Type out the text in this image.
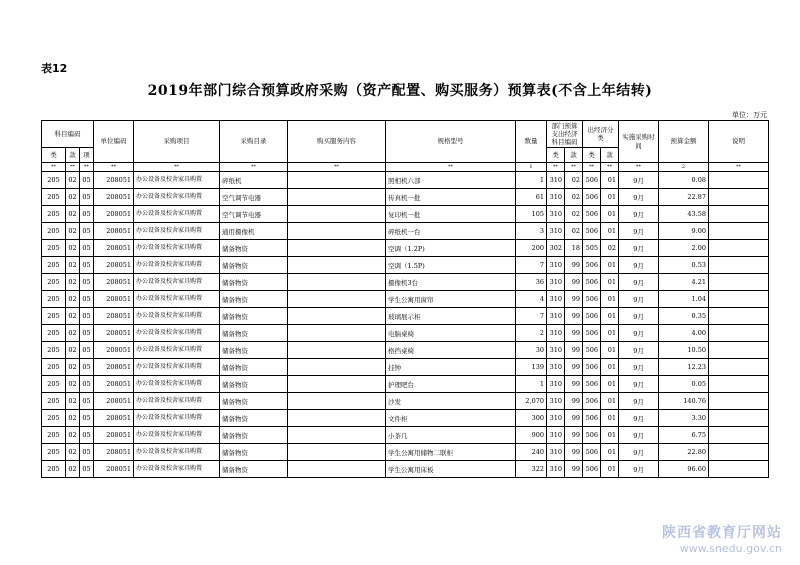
表12
2019年部门综合预算政府采购（资产配置、购买服务）预算表(不含上年结转)
单位：万元
科目编码			单位编码	采购项目	采购目录	购买服务内容	规格型号	数量	部门预算支出经济科目编码		出经济分类		实施采购时间	预算金额	说明
类	款	项							类	款	类	款			
**	**	**	**	**	**	**	**	1	**	**	**	**	**	2	**
205	02	05	208051	办公设备及校舍家具购置	碎纸机		照相机六部	1	310	02	506	01	9月	0.08	
205	02	05	208051	办公设备及校舍家具购置	空气调节电器		传真机一批	61	310	02	506	01	9月	22.87	
205	02	05	208051	办公设备及校舍家具购置	空气调节电器		复印机一批	105	310	02	506	01	9月	43.58	
205	02	05	208051	办公设备及校舍家具购置	通用摄像机		碎纸机一台	3	310	02	506	01	9月	9.00	
205	02	05	208051	办公设备及校舍家具购置	储备物资		空调（1.2P)	200	302	18	505	02	9月	2.00	
205	02	05	208051	办公设备及校舍家具购置	储备物资		空调（1.5P)	7	310	99	506	01	9月	0.53	
205	02	05	208051	办公设备及校舍家具购置	储备物资		摄像机3台	36	310	99	506	01	9月	4.21	
205	02	05	208051	办公设备及校舍家具购置	储备物资		学生公寓用窗帘	4	310	99	506	01	9月	1.04	
205	02	05	208051	办公设备及校舍家具购置	储备物资		玻璃展示柜	7	310	99	506	01	9月	0.35	
205	02	05	208051	办公设备及校舍家具购置	储备物资		电脑桌椅	2	310	99	506	01	9月	4.00	
205	02	05	208051	办公设备及校舍家具购置	储备物资		格挡桌椅	30	310	99	506	01	9月	10.50	
205	02	05	208051	办公设备及校舍家具购置	储备物资		挂钟	139	310	99	506	01	9月	12.23	
205	02	05	208051	办公设备及校舍家具购置	储备物资		护理吧台	1	310	99	506	01	9月	0.05	
205	02	05	208051	办公设备及校舍家具购置	储备物资		沙发	2,070	310	99	506	01	9月	140.76	
205	02	05	208051	办公设备及校舍家具购置	储备物资		文件柜	300	310	99	506	01	9月	3.30	
205	02	05	208051	办公设备及校舍家具购置	储备物资		小茶几	900	310	99	506	01	9月	6.75	
205	02	05	208051	办公设备及校舍家具购置	储备物资		学生公寓用储物二联柜	240	310	99	506	01	9月	22.80	
205	02	05	208051	办公设备及校舍家具购置	储备物资		学生公寓用床板	322	310	99	506	01	9月	96.60	
陕西省教育厅网站
www.snedu.gov.cn
